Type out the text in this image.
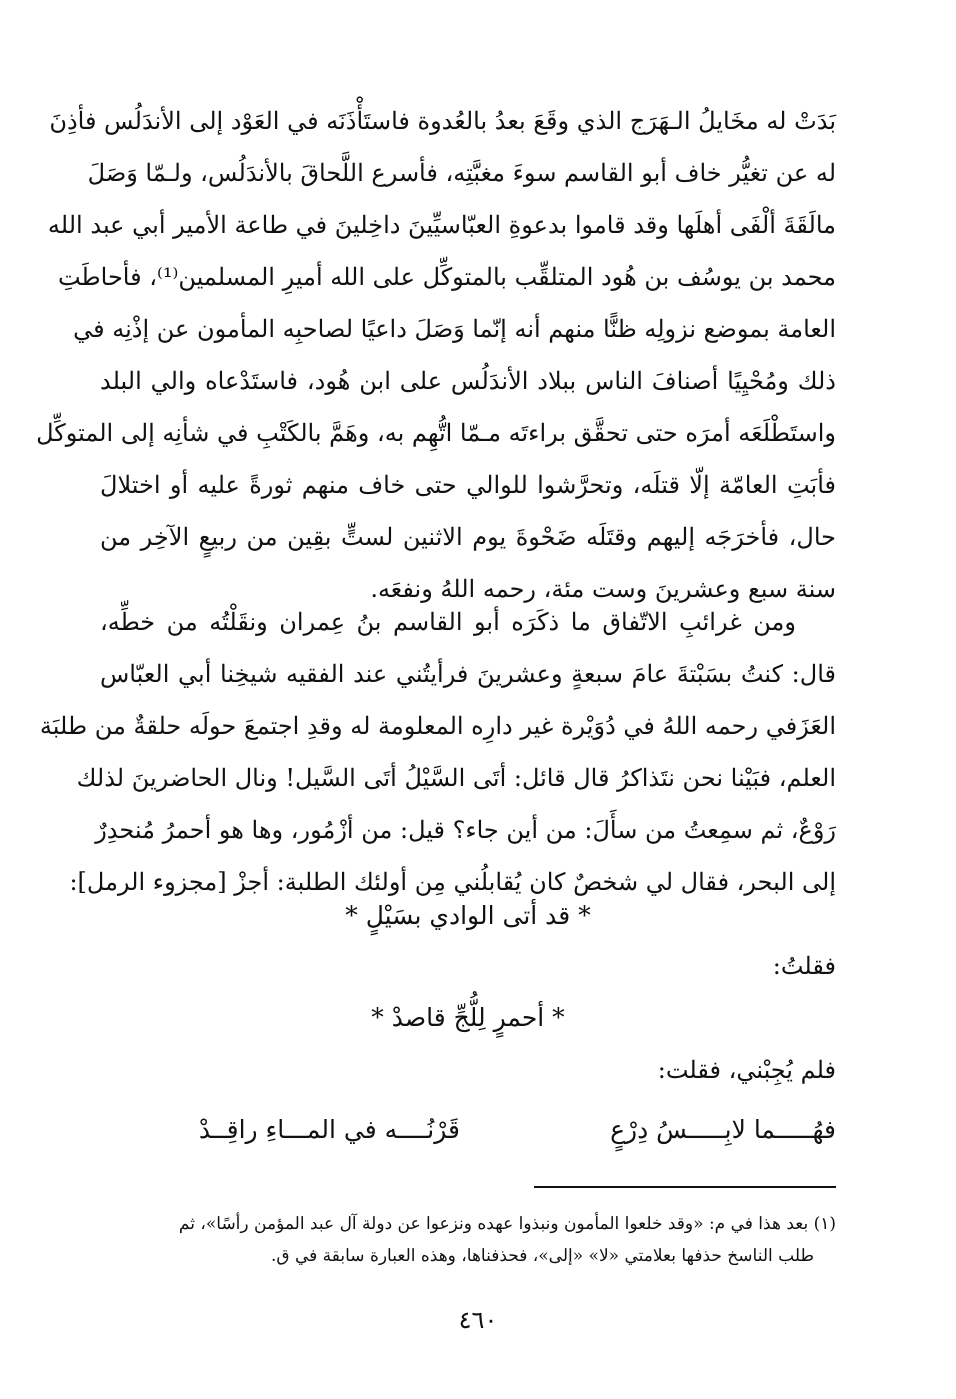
بَدَتْ له مخَايلُ الـهَرَج الذي وقَعَ بعدُ بالعُدوة فاستَأْذَنَه في العَوْد إلى الأندَلُس فأذِنَ
له عن تغيُّر خاف أبو القاسم سوءَ مغبَّتِه، فأسرع اللَّحاقَ بالأندَلُس، ولـمّا وَصَلَ
مالَقَةَ ألْفَى أهلَها وقد قاموا بدعوةِ العبّاسيِّينَ داخِلينَ في طاعة الأمير أبي عبد الله
محمد بن يوسُف بن هُود المتلقِّب بالمتوكِّل على الله أميرِ المسلمين⁽¹⁾، فأحاطَتِ
العامة بموضع نزولِه ظنًّا منهم أنه إنّما وَصَلَ داعيًا لصاحبِه المأمون عن إذْنِه في
ذلك ومُحْيِيًا أصنافَ الناس ببلاد الأندَلُس على ابن هُود، فاستَدْعاه والي البلد
واستَطْلَعَه أمرَه حتى تحقَّق براءتَه مـمّا اتُّهِم به، وهَمَّ بالكَتْبِ في شأنِه إلى المتوكِّل
فأبَتِ العامّة إلّا قتلَه، وتحرَّشوا للوالي حتى خاف منهم ثورةً عليه أو اختلالَ
حال، فأخرَجَه إليهم وقتَلَه ضَحْوةَ يوم الاثنين لستٍّ بقِين من ربيعٍ الآخِر من
سنة سبع وعشرينَ وست مئة، رحمه اللهُ ونفعَه.
ومن غرائبِ الاتّفاق ما ذكَرَه أبو القاسم بنُ عِمران ونقَلْتُه من خطِّه،
قال: كنتُ بسَبْتةَ عامَ سبعةٍ وعشرينَ فرأيتُني عند الفقيه شيخِنا أبي العبّاس
العَزَفي رحمه اللهُ في دُوَيْرة غير دارِه المعلومة له وقدِ اجتمعَ حولَه حلقةٌ من طلبَة
العلم، فبَيْنا نحن نتَذاكرُ قال قائل: أتَى السَّيْلُ أتَى السَّيل! ونال الحاضرينَ لذلك
رَوْعٌ، ثم سمِعتُ من سأَلَ: من أين جاء؟ قيل: من أزْمُور، وها هو أحمرُ مُنحدِرٌ
إلى البحر، فقال لي شخصٌ كان يُقابلُني مِن أولئك الطلبة: أجزْ [مجزوء الرمل]:
* قد أتى الوادي بسَيْلٍ *
فقلتُ:
* أحمرٍ لِلُّجِّ قاصدْ *
فلم يُجِبْني، فقلت:
فهُـــــما لابِـــــسُ دِرْعٍ
قَرْنُــــه في المـــاءِ راقِــدْ
(١) بعد هذا في م: «وقد خلعوا المأمون ونبذوا عهده ونزعوا عن دولة آل عبد المؤمن رأسًا»، ثم
طلب الناسخ حذفها بعلامتي «لا» «إلى»، فحذفناها، وهذه العبارة سابقة في ق.
٤٦٠
